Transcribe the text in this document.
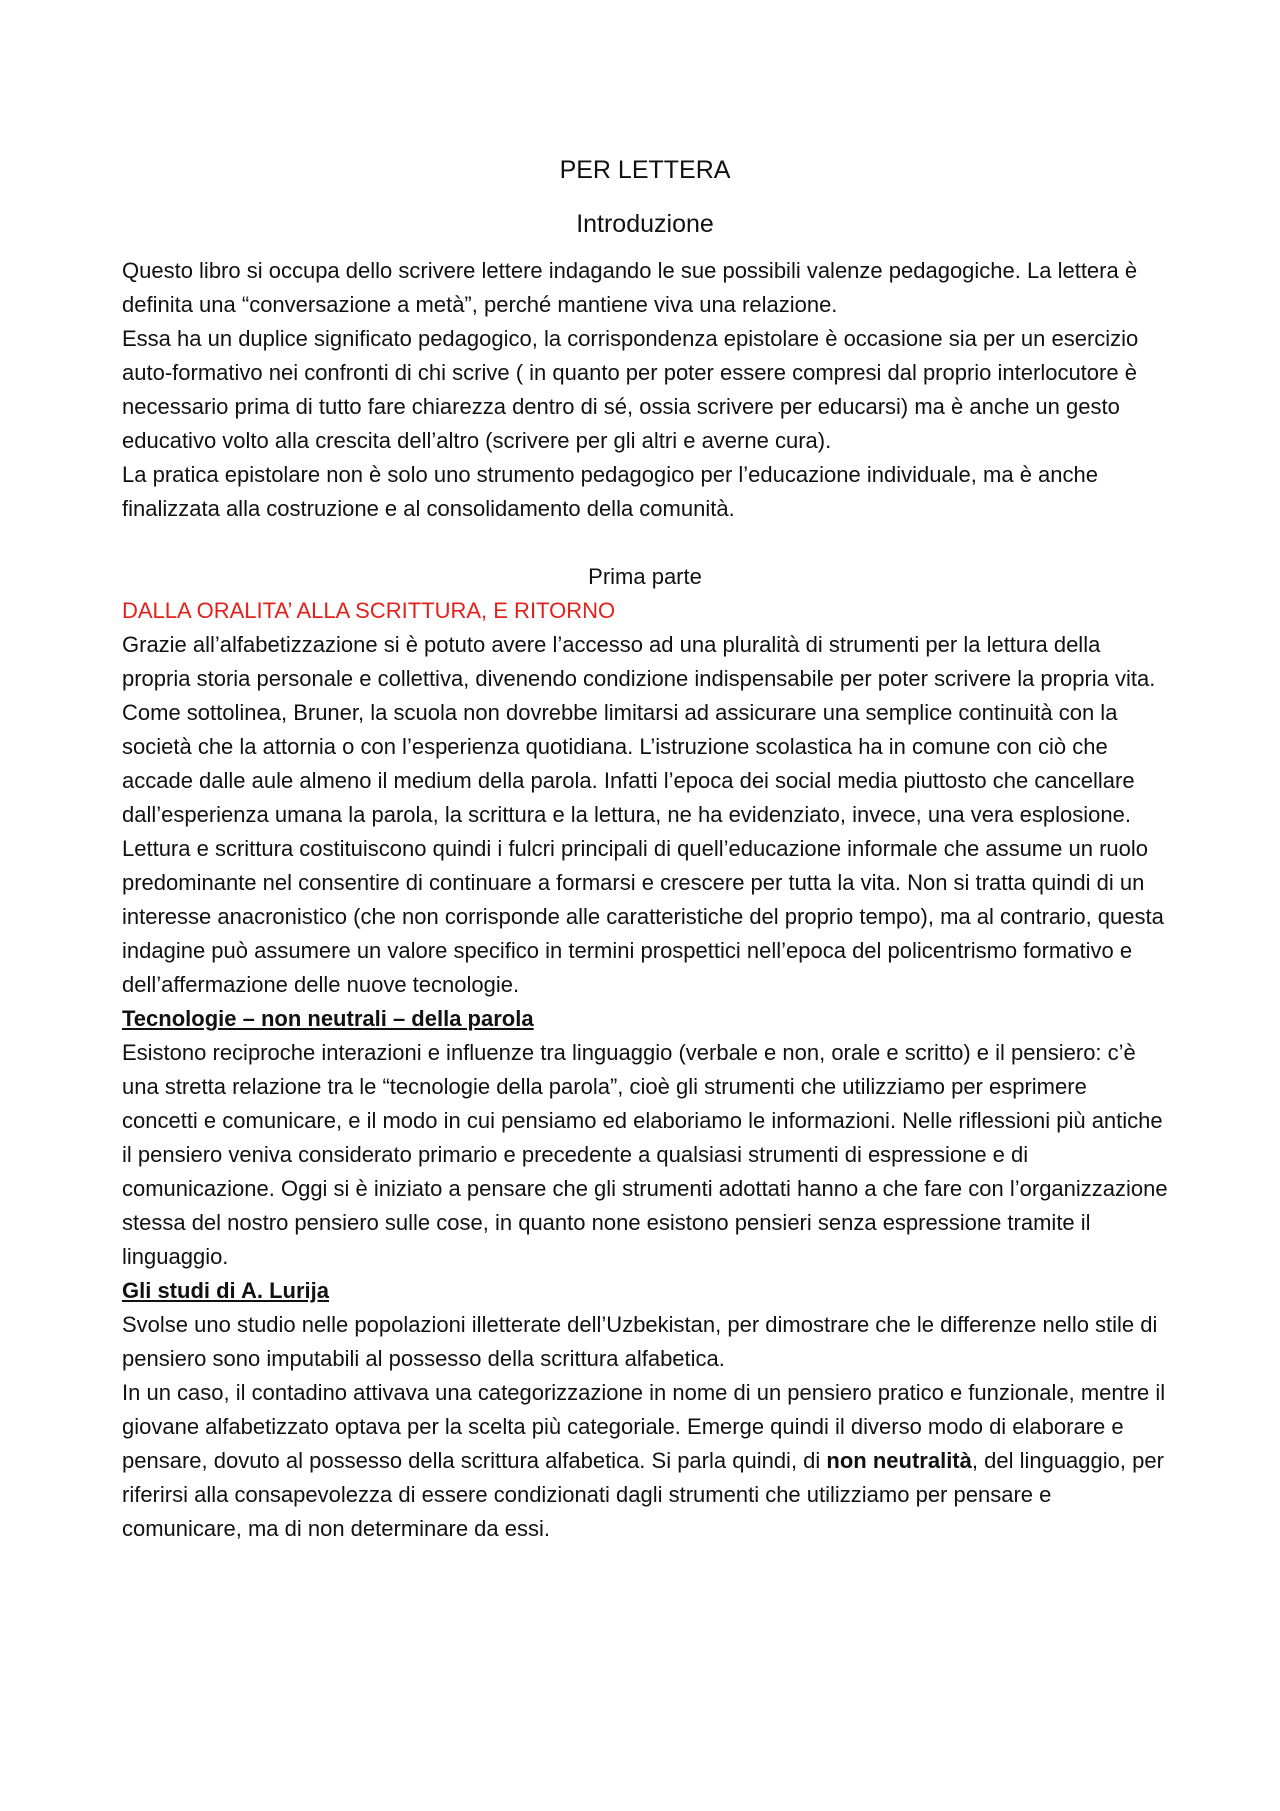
PER LETTERA
Introduzione

Questo libro si occupa dello scrivere lettere indagando le sue possibili valenze pedagogiche. La lettera è definita una “conversazione a metà”, perché mantiene viva una relazione.

Essa ha un duplice significato pedagogico, la corrispondenza epistolare è occasione sia per un esercizio auto-formativo nei confronti di chi scrive ( in quanto per poter essere compresi dal proprio interlocutore è necessario prima di tutto fare chiarezza dentro di sé, ossia scrivere per educarsi) ma è anche un gesto educativo volto alla crescita dell’altro (scrivere per gli altri e averne cura).

La pratica epistolare non è solo uno strumento pedagogico per l’educazione individuale, ma è anche finalizzata alla costruzione e al consolidamento della comunità.

Prima parte

DALLA ORALITA’ ALLA SCRITTURA, E RITORNO

Grazie all’alfabetizzazione si è potuto avere l’accesso ad una pluralità di strumenti per la lettura della propria storia personale e collettiva, divenendo condizione indispensabile per poter scrivere la propria vita.

Come sottolinea, Bruner, la scuola non dovrebbe limitarsi ad assicurare una semplice continuità con la società che la attornia o con l’esperienza quotidiana. L’istruzione scolastica ha in comune con ciò che accade dalle aule almeno il medium della parola. Infatti l’epoca dei social media piuttosto che cancellare dall’esperienza umana la parola, la scrittura e la lettura, ne ha evidenziato, invece, una vera esplosione. Lettura e scrittura costituiscono quindi i fulcri principali di quell’educazione informale che assume un ruolo predominante nel consentire di continuare a formarsi e crescere per tutta la vita. Non si tratta quindi di un interesse anacronistico (che non corrisponde alle caratteristiche del proprio tempo), ma al contrario, questa indagine può assumere un valore specifico in termini prospettici nell’epoca del policentrismo formativo e dell’affermazione delle nuove tecnologie.

Tecnologie – non neutrali – della parola

Esistono reciproche interazioni e influenze tra linguaggio (verbale e non, orale e scritto) e il pensiero: c’è una stretta relazione tra le “tecnologie della parola”, cioè gli strumenti che utilizziamo per esprimere concetti e comunicare, e il modo in cui pensiamo ed elaboriamo le informazioni. Nelle riflessioni più antiche il pensiero veniva considerato primario e precedente a qualsiasi strumenti di espressione e di comunicazione. Oggi si è iniziato a pensare che gli strumenti adottati hanno a che fare con l’organizzazione stessa del nostro pensiero sulle cose, in quanto none esistono pensieri senza espressione tramite il linguaggio.

Gli studi di A. Lurija

Svolse uno studio nelle popolazioni illetterate dell’Uzbekistan, per dimostrare che le differenze nello stile di pensiero sono imputabili al possesso della scrittura alfabetica.

In un caso, il contadino attivava una categorizzazione in nome di un pensiero pratico e funzionale, mentre il giovane alfabetizzato optava per la scelta più categoriale. Emerge quindi il diverso modo di elaborare e pensare, dovuto al possesso della scrittura alfabetica. Si parla quindi, di non neutralità, del linguaggio, per riferirsi alla consapevolezza di essere condizionati dagli strumenti che utilizziamo per pensare e comunicare, ma di non determinare da essi.
